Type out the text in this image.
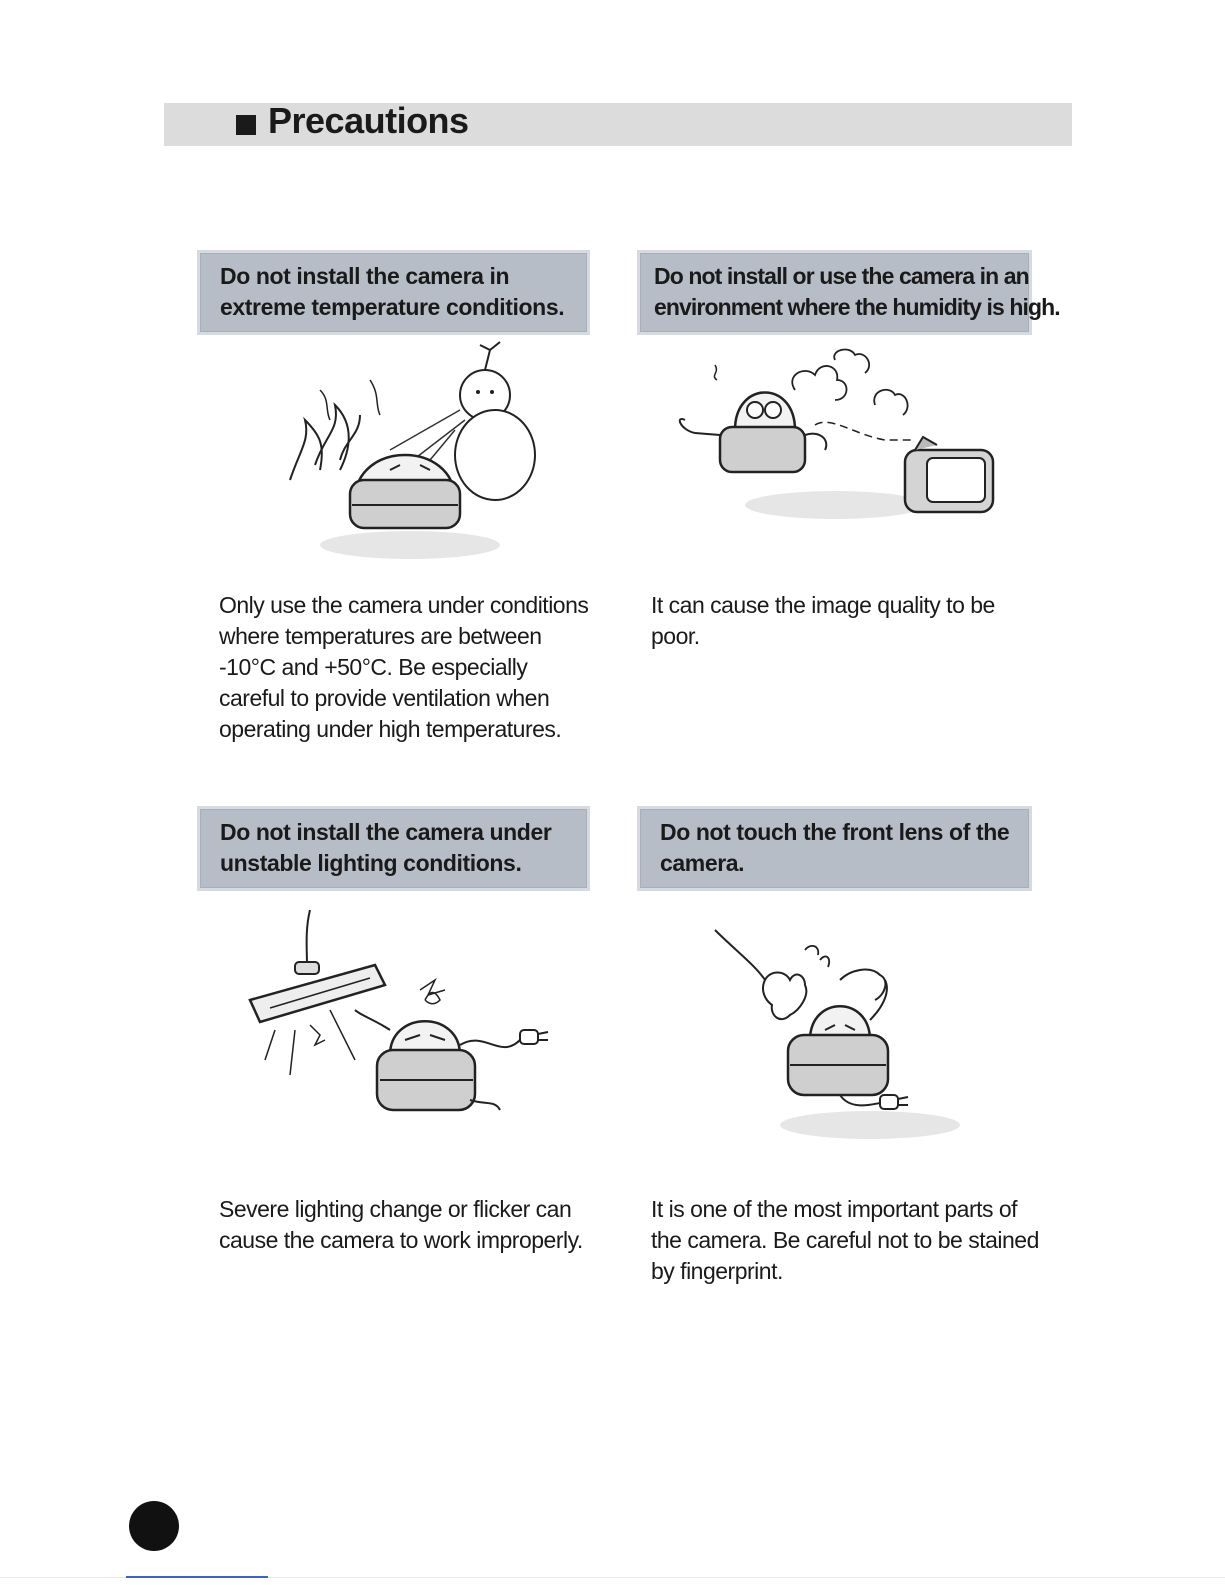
Precautions
Do not install the camera in
extreme temperature conditions.
Only use the camera under conditions
where temperatures are between
-10°C and +50°C. Be especially
careful to provide ventilation when
operating under high temperatures.
Do not install or use the camera in an
environment where the humidity is high.
It can cause the image quality to be
poor.
Do not install the camera under
unstable lighting conditions.
Severe lighting change or flicker can
cause the camera to work improperly.
Do not touch the front lens of the
camera.
It is one of the most important parts of
the camera. Be careful not to be stained
by fingerprint.
